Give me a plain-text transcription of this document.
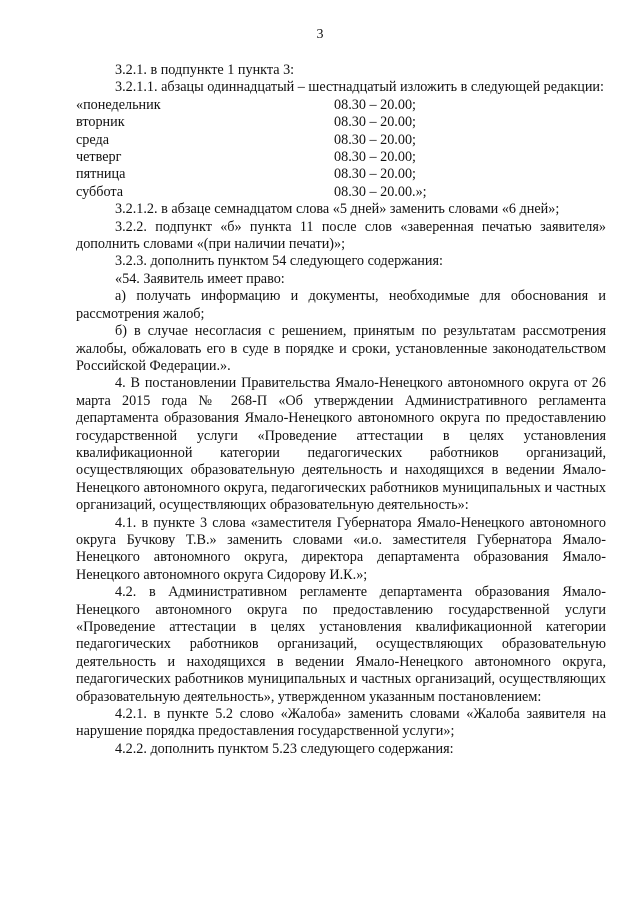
3

3.2.1. в подпункте 1 пункта 3:

3.2.1.1. абзацы одиннадцатый – шестнадцатый изложить в следующей редакции:

«понедельник	08.30 – 20.00;
вторник	08.30 – 20.00;
среда	08.30 – 20.00;
четверг	08.30 – 20.00;
пятница	08.30 – 20.00;
суббота	08.30 – 20.00.»;

3.2.1.2. в абзаце семнадцатом слова «5 дней» заменить словами «6 дней»;

3.2.2. подпункт «б» пункта 11 после слов «заверенная печатью заявителя» дополнить словами «(при наличии печати)»;

3.2.3. дополнить пунктом 54 следующего содержания:

«54. Заявитель имеет право:

а) получать информацию и документы, необходимые для обоснования и рассмотрения жалоб;

б) в случае несогласия с решением, принятым по результатам рассмотрения жалобы, обжаловать его в суде в порядке и сроки, установленные законодательством Российской Федерации.».

4. В постановлении Правительства Ямало-Ненецкого автономного округа от 26 марта 2015 года № 268-П «Об утверждении Административного регламента департамента образования Ямало-Ненецкого автономного округа по предоставлению государственной услуги «Проведение аттестации в целях установления квалификационной категории педагогических работников организаций, осуществляющих образовательную деятельность и находящихся в ведении Ямало-Ненецкого автономного округа, педагогических работников муниципальных и частных организаций, осуществляющих образовательную деятельность»:

4.1. в пункте 3 слова «заместителя Губернатора Ямало-Ненецкого автономного округа Бучкову Т.В.» заменить словами «и.о. заместителя Губернатора Ямало-Ненецкого автономного округа, директора департамента образования Ямало-Ненецкого автономного округа Сидорову И.К.»;

4.2. в Административном регламенте департамента образования Ямало-Ненецкого автономного округа по предоставлению государственной услуги «Проведение аттестации в целях установления квалификационной категории педагогических работников организаций, осуществляющих образовательную деятельность и находящихся в ведении Ямало-Ненецкого автономного округа, педагогических работников муниципальных и частных организаций, осуществляющих образовательную деятельность», утвержденном указанным постановлением:

4.2.1. в пункте 5.2 слово «Жалоба» заменить словами «Жалоба заявителя на нарушение порядка предоставления государственной услуги»;

4.2.2. дополнить пунктом 5.23 следующего содержания:
